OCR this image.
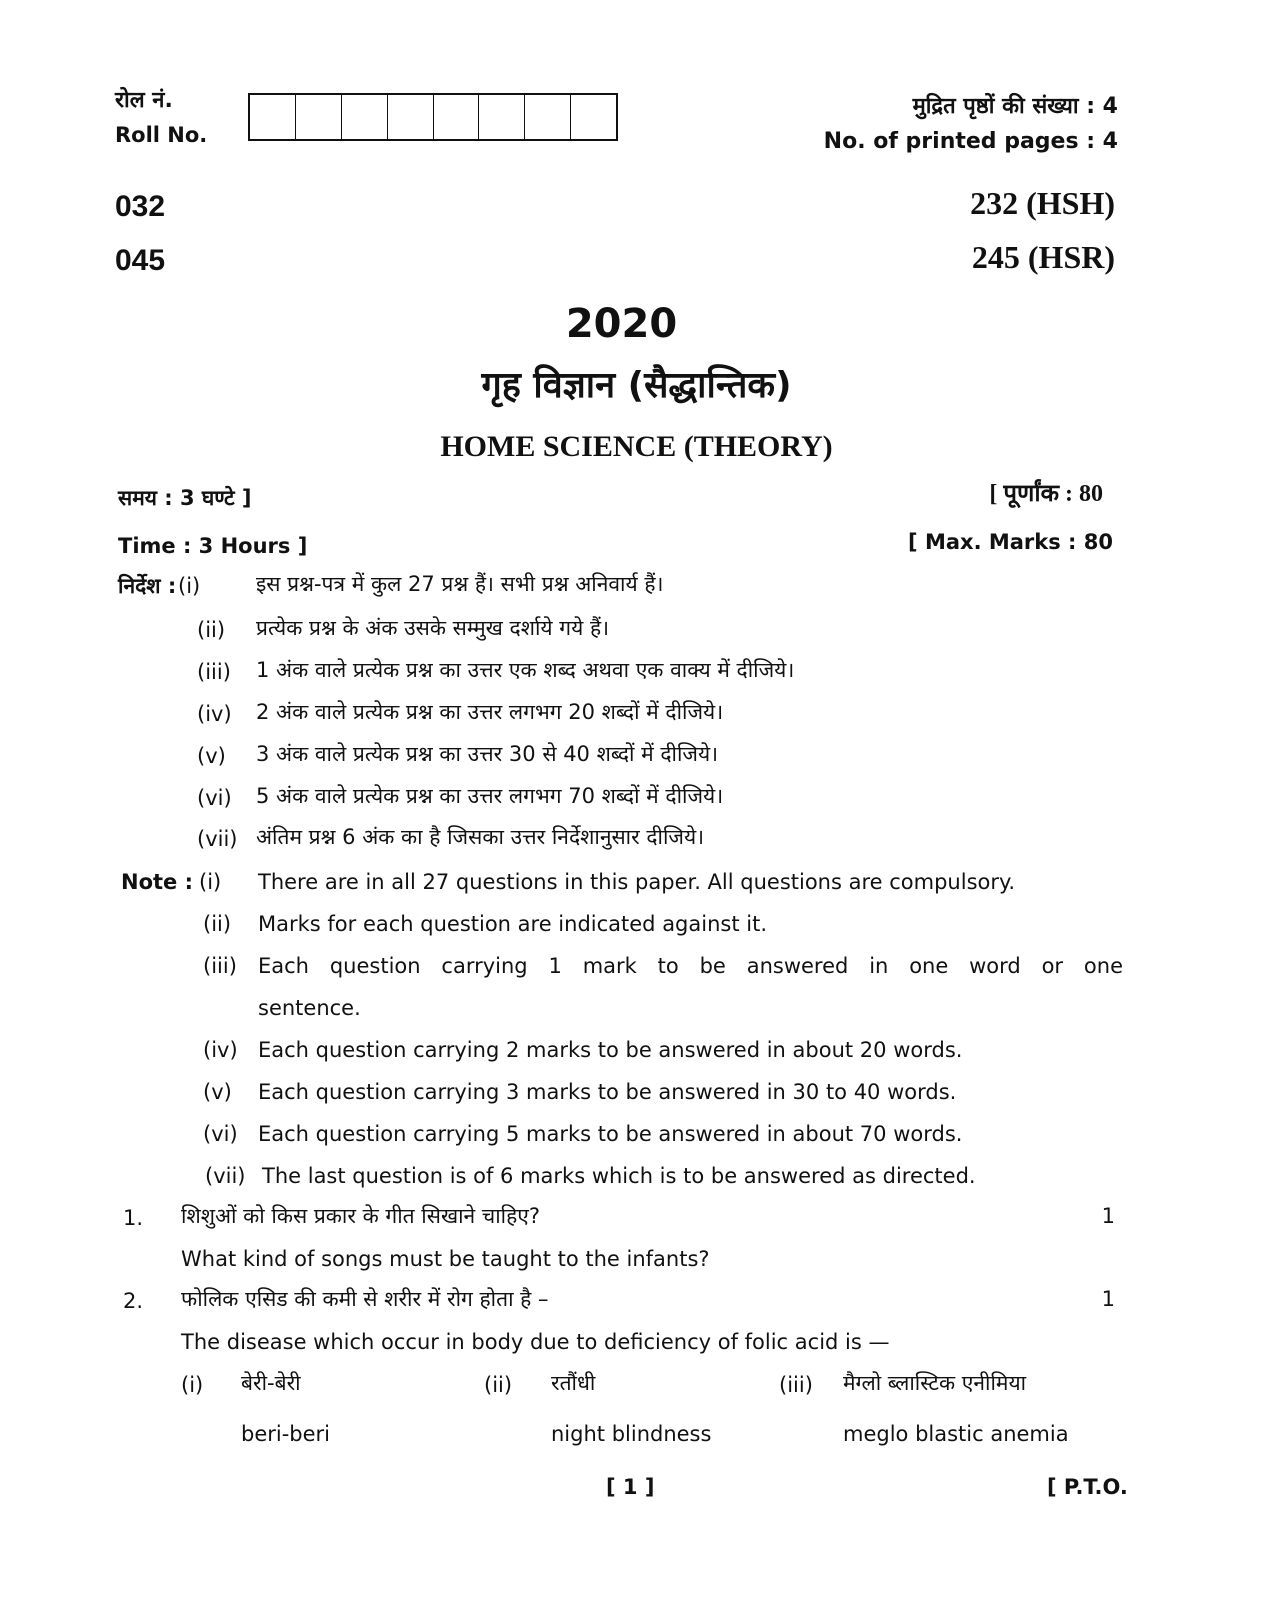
रोल नं.
Roll No.
मुद्रित पृष्ठों की संख्या : 4
No. of printed pages : 4
032
045
232 (HSH)
245 (HSR)
2020
गृह विज्ञान (सैद्धान्तिक)
HOME SCIENCE (THEORY)
समय : 3 घण्टे ]	[ पूर्णांक : 80
Time : 3 Hours ]	[ Max. Marks : 80
निर्देश : (i)	इस प्रश्न-पत्र में कुल 27 प्रश्न हैं। सभी प्रश्न अनिवार्य हैं।
(ii) प्रत्येक प्रश्न के अंक उसके सम्मुख दर्शाये गये हैं।
(iii) 1 अंक वाले प्रत्येक प्रश्न का उत्तर एक शब्द अथवा एक वाक्य में दीजिये।
(iv) 2 अंक वाले प्रत्येक प्रश्न का उत्तर लगभग 20 शब्दों में दीजिये।
(v) 3 अंक वाले प्रत्येक प्रश्न का उत्तर 30 से 40 शब्दों में दीजिये।
(vi) 5 अंक वाले प्रत्येक प्रश्न का उत्तर लगभग 70 शब्दों में दीजिये।
(vii) अंतिम प्रश्न 6 अंक का है जिसका उत्तर निर्देशानुसार दीजिये।
Note : (i) There are in all 27 questions in this paper. All questions are compulsory.
(ii) Marks for each question are indicated against it.
(iii) Each question carrying 1 mark to be answered in one word or one
sentence.
(iv) Each question carrying 2 marks to be answered in about 20 words.
(v) Each question carrying 3 marks to be answered in 30 to 40 words.
(vi) Each question carrying 5 marks to be answered in about 70 words.
(vii) The last question is of 6 marks which is to be answered as directed.
1. शिशुओं को किस प्रकार के गीत सिखाने चाहिए?	1
What kind of songs must be taught to the infants?
2. फोलिक एसिड की कमी से शरीर में रोग होता है –	1
The disease which occur in body due to deficiency of folic acid is —
(i) बेरी-बेरी
beri-beri
(ii) रतौंधी
night blindness
(iii) मैग्लो ब्लास्टिक एनीमिया
meglo blastic anemia
[ 1 ]	[ P.T.O.
